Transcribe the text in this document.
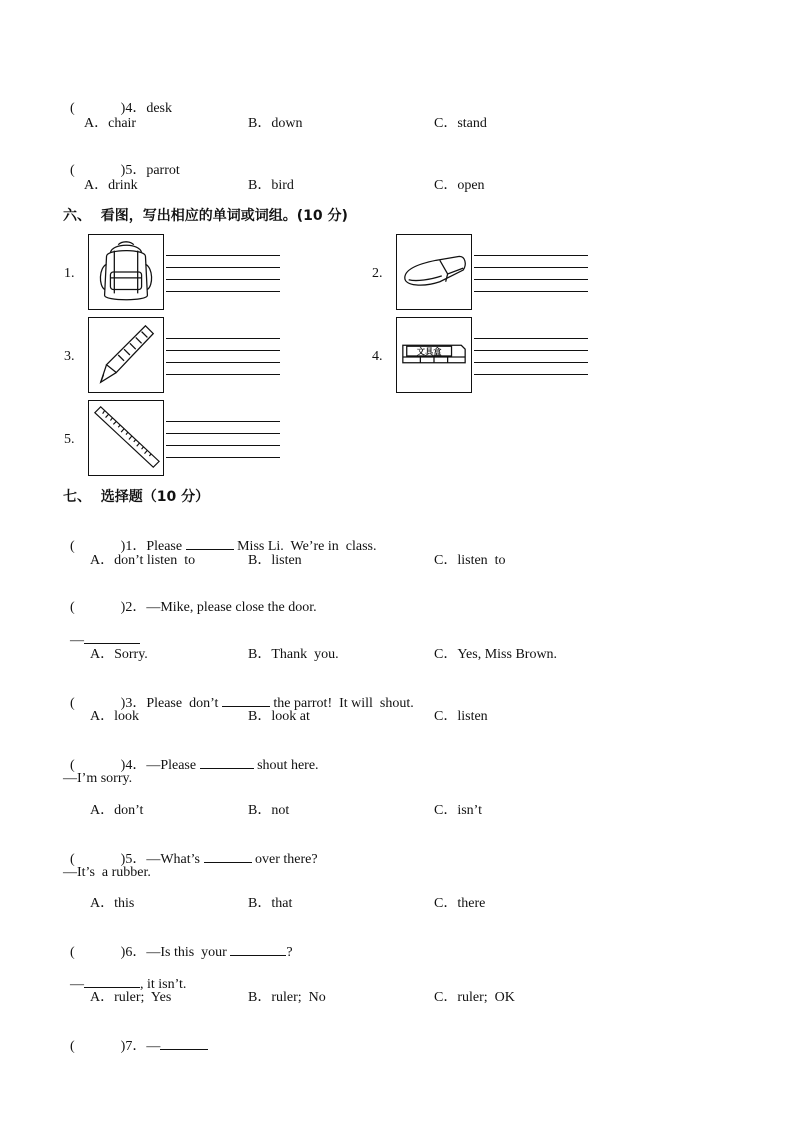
(	)4．desk

A．chair	B．down	C．stand

(	)5．parrot

A．drink	B．bird	C．open
六、  看图，写出相应的单词或词组。(10 分)
1.	2.
3.	4.	文具盒
5.
七、  选择题（10 分）

(	)1．Please	Miss Li.  We’re in  class.

A．don’t listen  to	B．listen	C．listen  to

(	)2．—Mike, please close the door.

—

A．Sorry.	B．Thank  you.	C．Yes, Miss Brown.

(	)3．Please  don’t	the parrot!  It will  shout.

A．look	B．look at	C．listen

(	)4．—Please	shout here.

—I’m sorry.
A．don’t	B．not	C．isn’t

(	)5．—What’s	over there?

—It’s  a rubber.
A．this	B．that	C．there

(	)6．—Is this  your	?

—	, it isn’t.

A．ruler;  Yes	B．ruler;  No	C．ruler;  OK

(	)7．—
